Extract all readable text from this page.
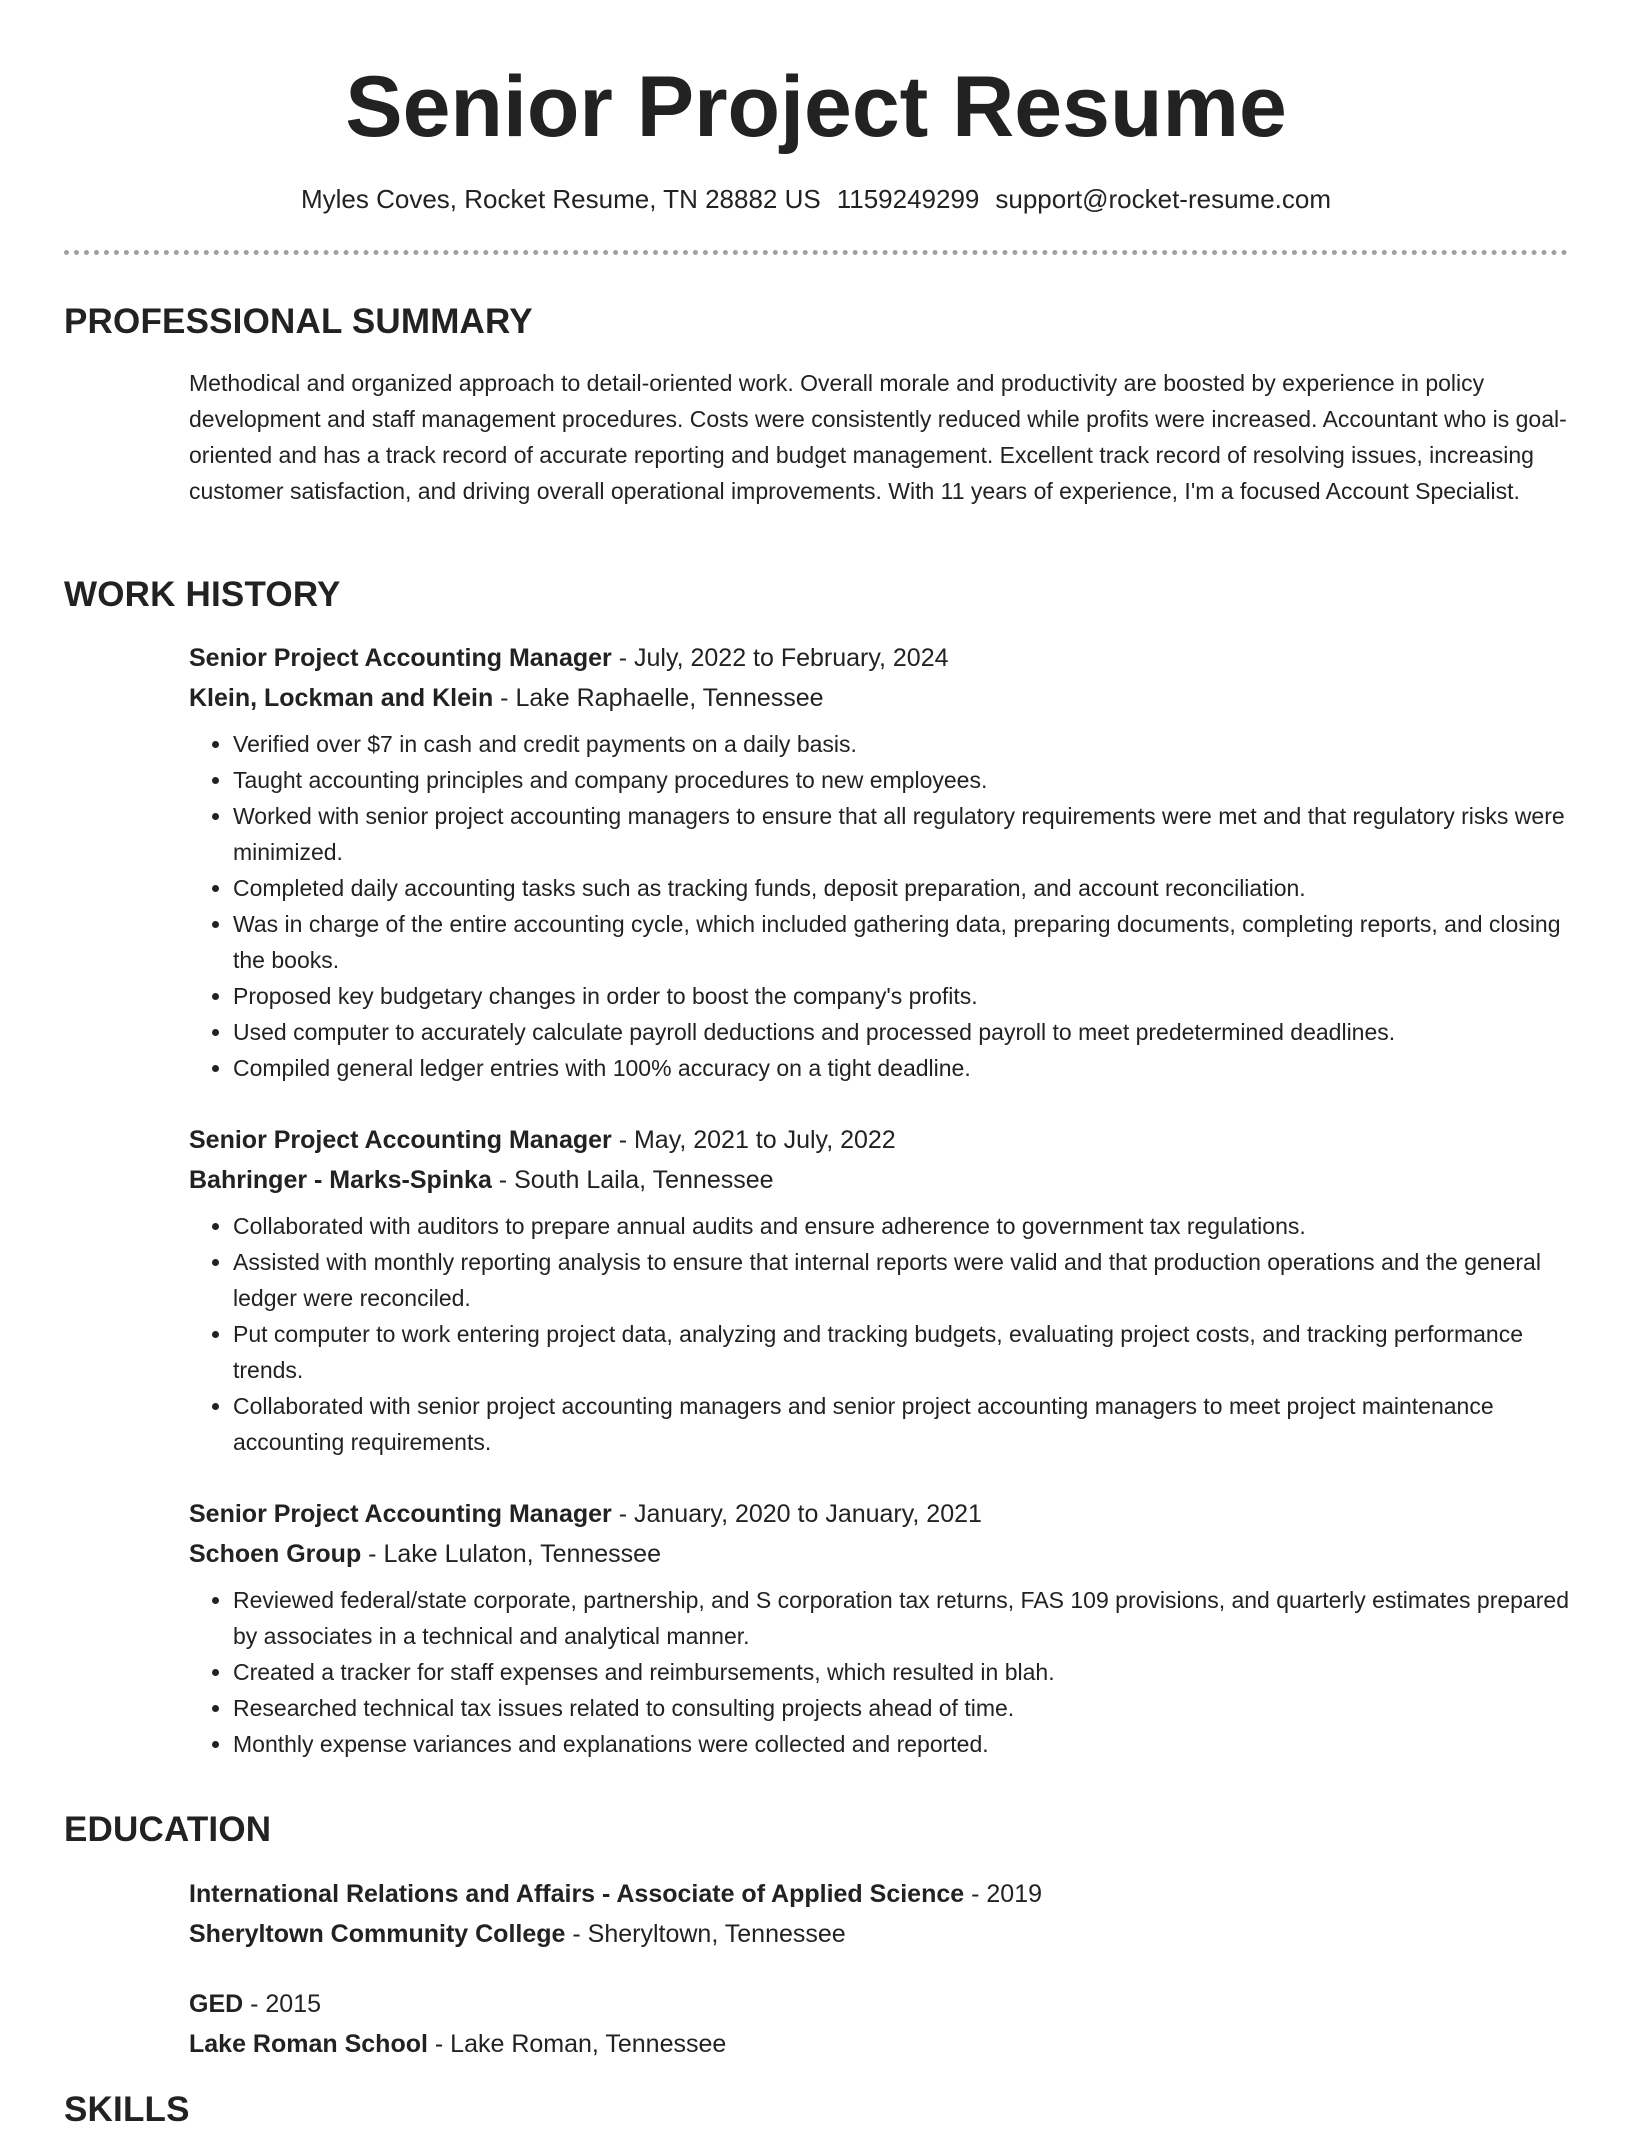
Senior Project Resume
Myles Coves, Rocket Resume, TN 28882 US 1159249299 support@rocket-resume.com
PROFESSIONAL SUMMARY

Methodical and organized approach to detail-oriented work. Overall morale and productivity are boosted by experience in policy development and staff management procedures. Costs were consistently reduced while profits were increased. Accountant who is goal-oriented and has a track record of accurate reporting and budget management. Excellent track record of resolving issues, increasing customer satisfaction, and driving overall operational improvements. With 11 years of experience, I'm a focused Account Specialist.

WORK HISTORY
Senior Project Accounting Manager - July, 2022 to February, 2024
Klein, Lockman and Klein - Lake Raphaelle, Tennessee
• Verified over $7 in cash and credit payments on a daily basis.
• Taught accounting principles and company procedures to new employees.
• Worked with senior project accounting managers to ensure that all regulatory requirements were met and that regulatory risks were minimized.
• Completed daily accounting tasks such as tracking funds, deposit preparation, and account reconciliation.
• Was in charge of the entire accounting cycle, which included gathering data, preparing documents, completing reports, and closing the books.
• Proposed key budgetary changes in order to boost the company's profits.
• Used computer to accurately calculate payroll deductions and processed payroll to meet predetermined deadlines.
• Compiled general ledger entries with 100% accuracy on a tight deadline.
Senior Project Accounting Manager - May, 2021 to July, 2022
Bahringer - Marks-Spinka - South Laila, Tennessee
• Collaborated with auditors to prepare annual audits and ensure adherence to government tax regulations.
• Assisted with monthly reporting analysis to ensure that internal reports were valid and that production operations and the general ledger were reconciled.
• Put computer to work entering project data, analyzing and tracking budgets, evaluating project costs, and tracking performance trends.
• Collaborated with senior project accounting managers and senior project accounting managers to meet project maintenance accounting requirements.
Senior Project Accounting Manager - January, 2020 to January, 2021
Schoen Group - Lake Lulaton, Tennessee
• Reviewed federal/state corporate, partnership, and S corporation tax returns, FAS 109 provisions, and quarterly estimates prepared by associates in a technical and analytical manner.
• Created a tracker for staff expenses and reimbursements, which resulted in blah.
• Researched technical tax issues related to consulting projects ahead of time.
• Monthly expense variances and explanations were collected and reported.
EDUCATION
International Relations and Affairs - Associate of Applied Science - 2019
Sheryltown Community College - Sheryltown, Tennessee
GED - 2015
Lake Roman School - Lake Roman, Tennessee
SKILLS
